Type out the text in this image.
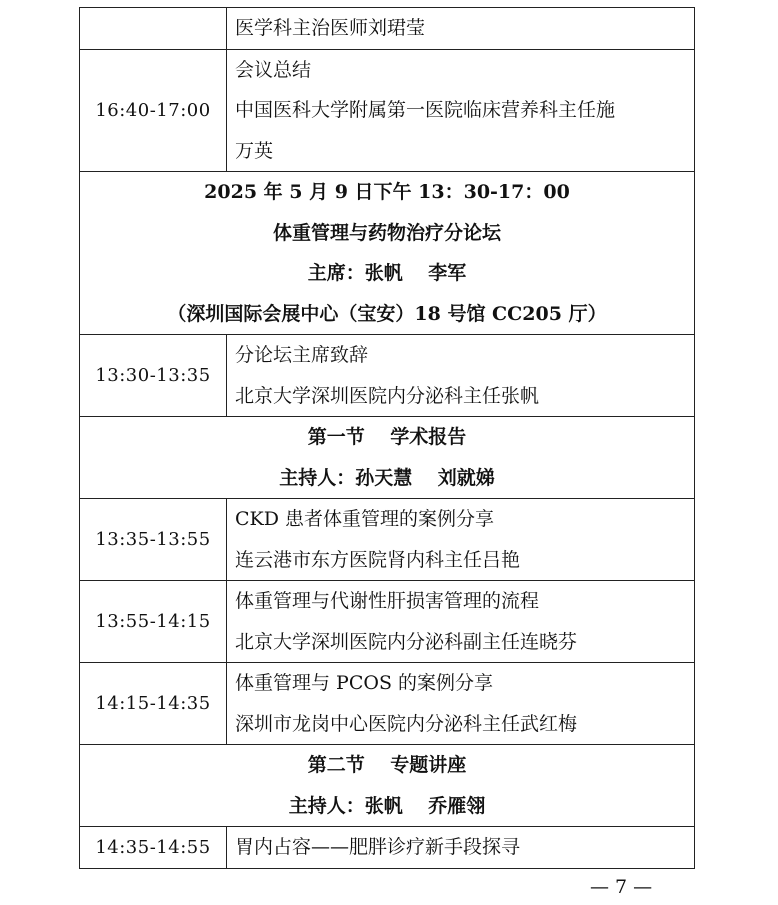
	医学科主治医师刘珺莹

16:40-17:00	会议总结
中国医科大学附属第一医院临床营养科主任施
万英

2025 年 5 月 9 日下午 13：30-17：00
体重管理与药物治疗分论坛
主席：张帆　 李军
（深圳国际会展中心（宝安）18 号馆 CC205 厅）	

13:30-13:35	分论坛主席致辞
北京大学深圳医院内分泌科主任张帆

第一节　 学术报告
主持人：孙天慧　 刘就娣	

13:35-13:55	CKD 患者体重管理的案例分享
连云港市东方医院肾内科主任吕艳

13:55-14:15	体重管理与代谢性肝损害管理的流程
北京大学深圳医院内分泌科副主任连晓芬

14:15-14:35	体重管理与 PCOS 的案例分享
深圳市龙岗中心医院内分泌科主任武红梅

第二节　 专题讲座
主持人：张帆　 乔雁翎	

14:35-14:55	胃内占容——肥胖诊疗新手段探寻
— 7 —
